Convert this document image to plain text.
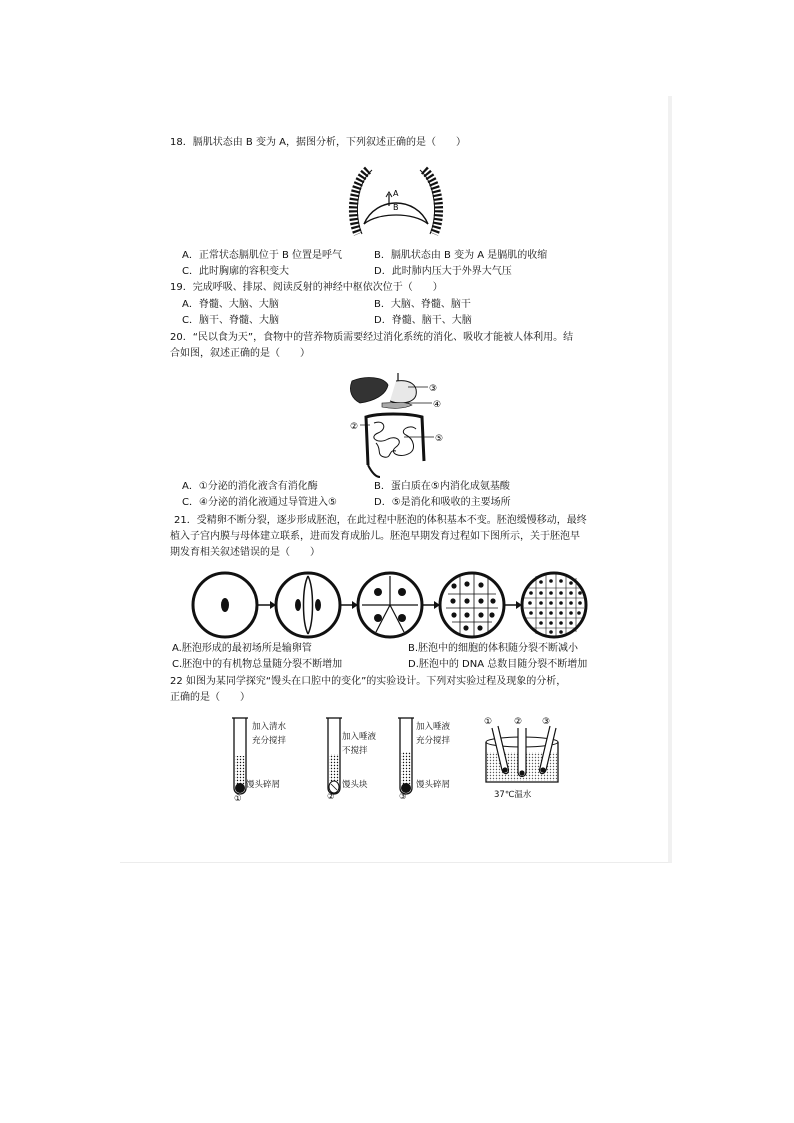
18．膈肌状态由 B 变为 A，据图分析，下列叙述正确的是（　　）
A
B
A．正常状态膈肌位于 B 位置是呼气	B．膈肌状态由 B 变为 A 是膈肌的收缩
C．此时胸廓的容积变大	D．此时肺内压大于外界大气压
19．完成呼吸、排尿、阅读反射的神经中枢依次位于（　　）
A．脊髓、大脑、大脑	B．大脑、脊髓、脑干
C．脑干、脊髓、大脑	D．脊髓、脑干、大脑
20．“民以食为天”，食物中的营养物质需要经过消化系统的消化、吸收才能被人体利用。结
合如图，叙述正确的是（　　）
③
④
②
⑤
A．①分泌的消化液含有消化酶	B．蛋白质在⑤内消化成氨基酸
C．④分泌的消化液通过导管进入⑤	D．⑤是消化和吸收的主要场所
21．受精卵不断分裂，逐步形成胚泡，在此过程中胚泡的体积基本不变。胚泡缓慢移动，最终
植入子宫内膜与母体建立联系，进而发育成胎儿。胚泡早期发育过程如下图所示，关于胚泡早
期发育相关叙述错误的是（　　）
A.胚泡形成的最初场所是输卵管	B.胚泡中的细胞的体积随分裂不断减小
C.胚泡中的有机物总量随分裂不断增加	D.胚泡中的 DNA 总数目随分裂不断增加
22 如图为某同学探究“馒头在口腔中的变化”的实验设计。下列对实验过程及现象的分析，
正确的是（　　）
加入清水
充分搅拌
馒头碎屑
①
加入唾液
不搅拌
馒头块
②
加入唾液
充分搅拌
馒头碎屑
③
① ② ③
37℃温水
